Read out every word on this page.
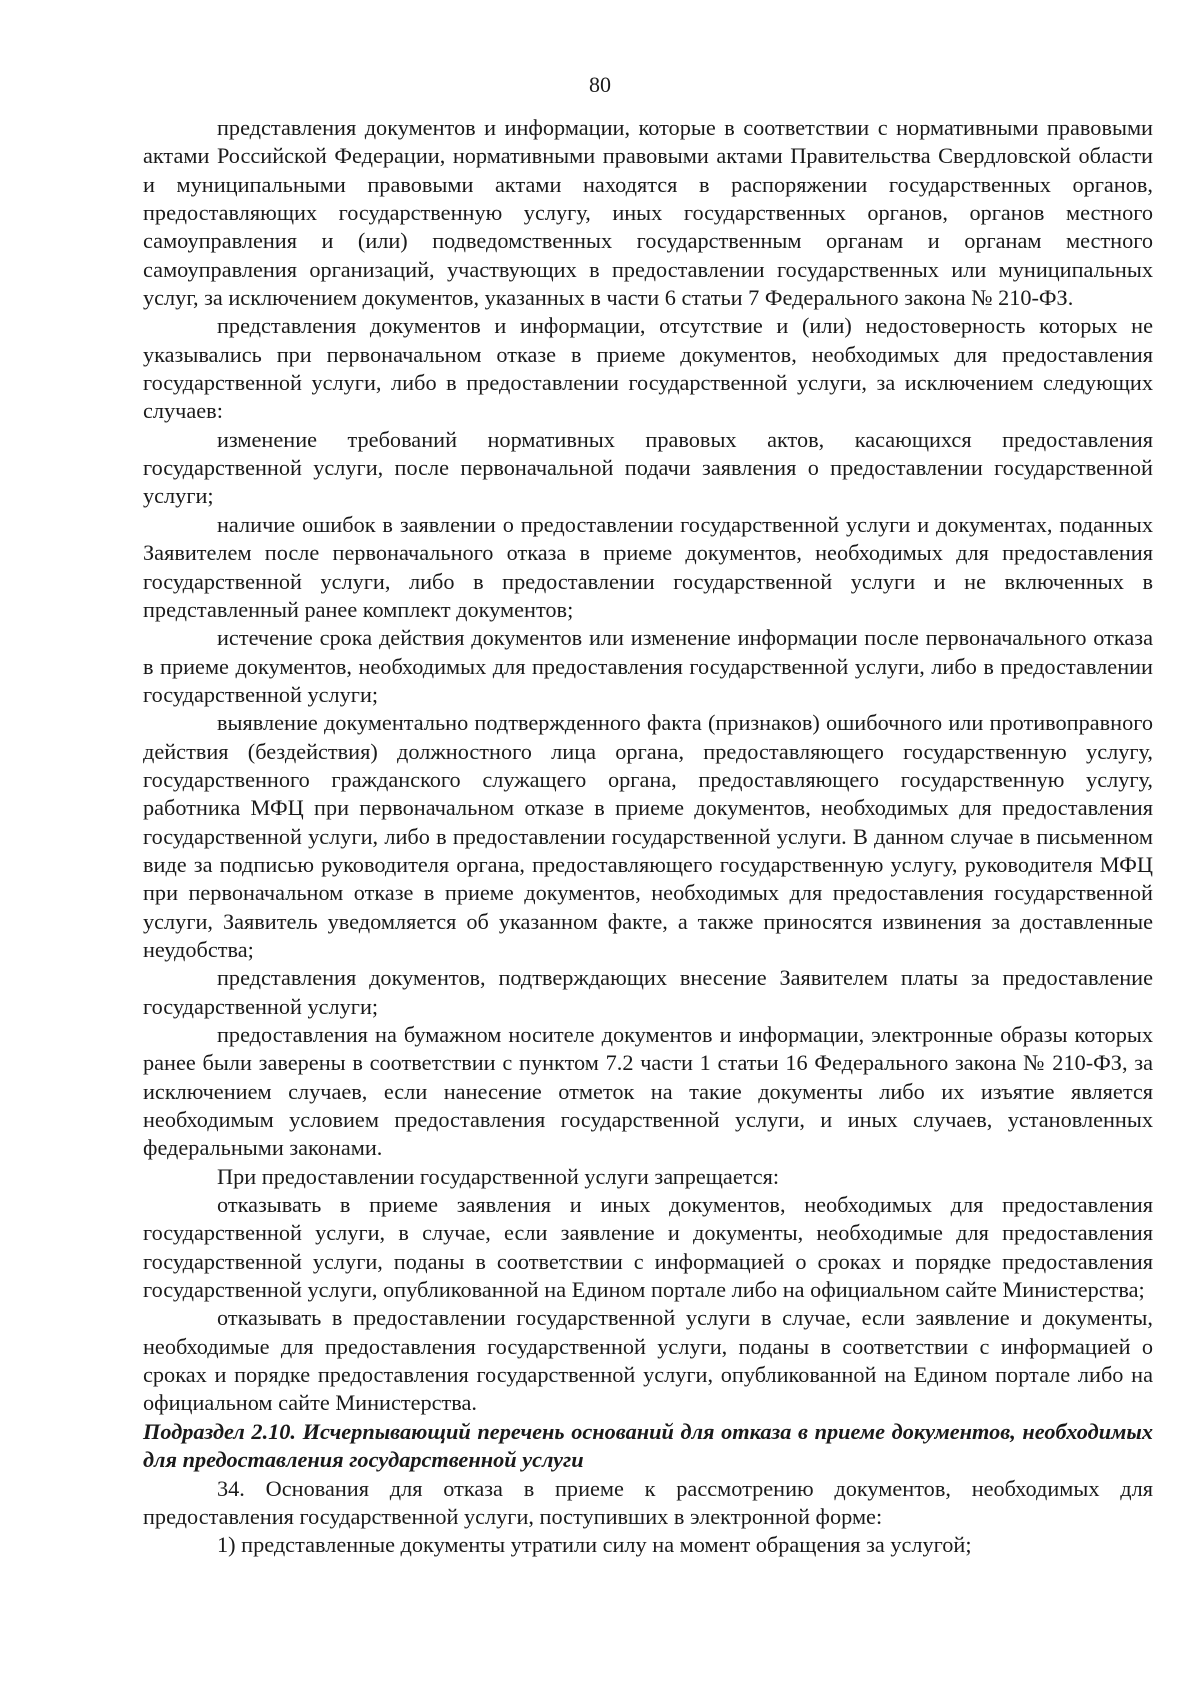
80

представления документов и информации, которые в соответствии с нормативными правовыми актами Российской Федерации, нормативными правовыми актами Правительства Свердловской области и муниципальными правовыми актами находятся в распоряжении государственных органов, предоставляющих государственную услугу, иных государственных органов, органов местного самоуправления и (или) подведомственных государственным органам и органам местного самоуправления организаций, участвующих в предоставлении государственных или муниципальных услуг, за исключением документов, указанных в части 6 статьи 7 Федерального закона № 210-ФЗ.

представления документов и информации, отсутствие и (или) недостоверность которых не указывались при первоначальном отказе в приеме документов, необходимых для предоставления государственной услуги, либо в предоставлении государственной услуги, за исключением следующих случаев:

изменение требований нормативных правовых актов, касающихся предоставления государственной услуги, после первоначальной подачи заявления о предоставлении государственной услуги;

наличие ошибок в заявлении о предоставлении государственной услуги и документах, поданных Заявителем после первоначального отказа в приеме документов, необходимых для предоставления государственной услуги, либо в предоставлении государственной услуги и не включенных в представленный ранее комплект документов;

истечение срока действия документов или изменение информации после первоначального отказа в приеме документов, необходимых для предоставления государственной услуги, либо в предоставлении государственной услуги;

выявление документально подтвержденного факта (признаков) ошибочного или противоправного действия (бездействия) должностного лица органа, предоставляющего государственную услугу, государственного гражданского служащего органа, предоставляющего государственную услугу, работника МФЦ при первоначальном отказе в приеме документов, необходимых для предоставления государственной услуги, либо в предоставлении государственной услуги. В данном случае в письменном виде за подписью руководителя органа, предоставляющего государственную услугу, руководителя МФЦ при первоначальном отказе в приеме документов, необходимых для предоставления государственной услуги, Заявитель уведомляется об указанном факте, а также приносятся извинения за доставленные неудобства;

представления документов, подтверждающих внесение Заявителем платы за предоставление государственной услуги;

предоставления на бумажном носителе документов и информации, электронные образы которых ранее были заверены в соответствии с пунктом 7.2 части 1 статьи 16 Федерального закона № 210-ФЗ, за исключением случаев, если нанесение отметок на такие документы либо их изъятие является необходимым условием предоставления государственной услуги, и иных случаев, установленных федеральными законами.

При предоставлении государственной услуги запрещается:

отказывать в приеме заявления и иных документов, необходимых для предоставления государственной услуги, в случае, если заявление и документы, необходимые для предоставления государственной услуги, поданы в соответствии с информацией о сроках и порядке предоставления государственной услуги, опубликованной на Едином портале либо на официальном сайте Министерства;

отказывать в предоставлении государственной услуги в случае, если заявление и документы, необходимые для предоставления государственной услуги, поданы в соответствии с информацией о сроках и порядке предоставления государственной услуги, опубликованной на Едином портале либо на официальном сайте Министерства.

Подраздел 2.10. Исчерпывающий перечень оснований для отказа в приеме документов, необходимых для предоставления государственной услуги

34. Основания для отказа в приеме к рассмотрению документов, необходимых для предоставления государственной услуги, поступивших в электронной форме:

1) представленные документы утратили силу на момент обращения за услугой;
